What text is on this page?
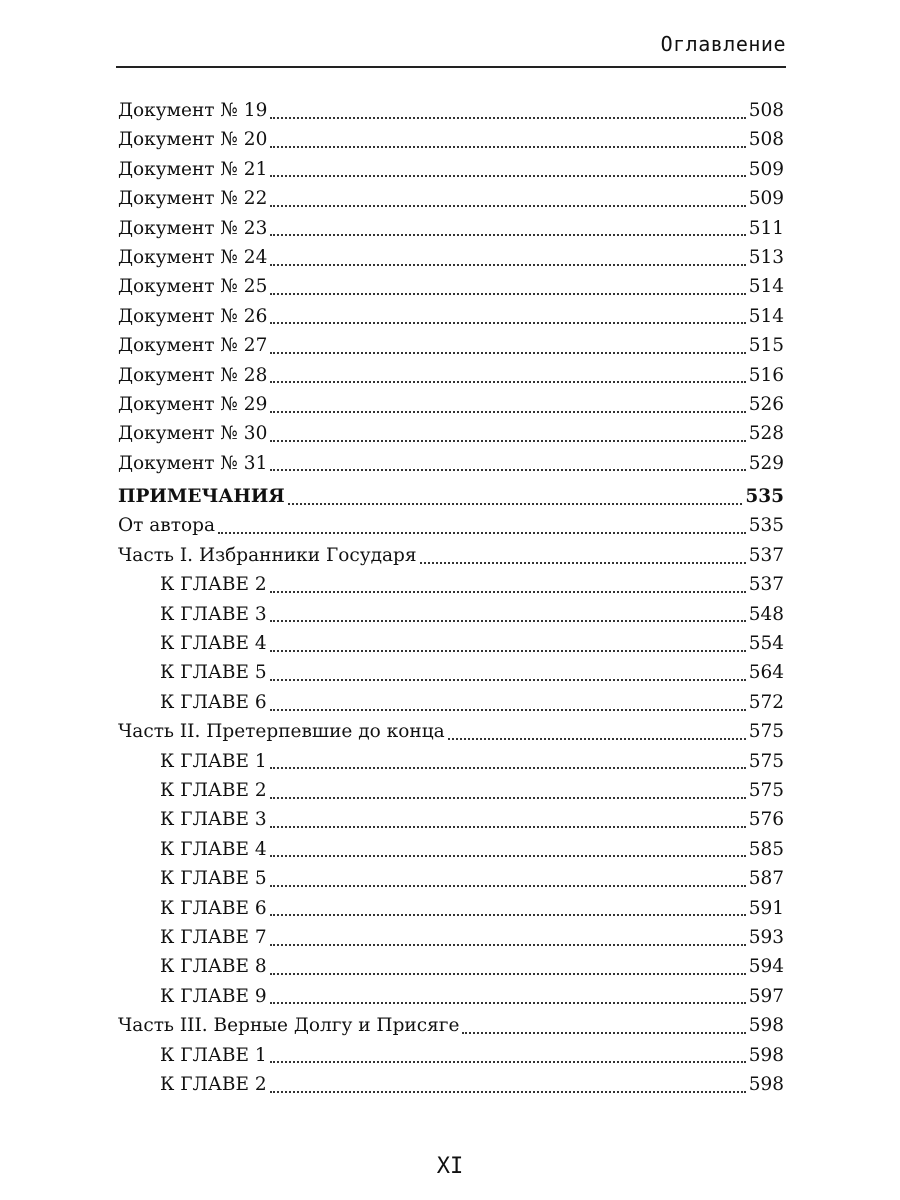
Оглавление
Документ № 19	508
Документ № 20	508
Документ № 21	509
Документ № 22	509
Документ № 23	511
Документ № 24	513
Документ № 25	514
Документ № 26	514
Документ № 27	515
Документ № 28	516
Документ № 29	526
Документ № 30	528
Документ № 31	529
ПРИМЕЧАНИЯ	535
От автора	535
Часть I. Избранники Государя	537
К ГЛАВЕ 2	537
К ГЛАВЕ 3	548
К ГЛАВЕ 4	554
К ГЛАВЕ 5	564
К ГЛАВЕ 6	572
Часть II. Претерпевшие до конца	575
К ГЛАВЕ 1	575
К ГЛАВЕ 2	575
К ГЛАВЕ 3	576
К ГЛАВЕ 4	585
К ГЛАВЕ 5	587
К ГЛАВЕ 6	591
К ГЛАВЕ 7	593
К ГЛАВЕ 8	594
К ГЛАВЕ 9	597
Часть III. Верные Долгу и Присяге	598
К ГЛАВЕ 1	598
К ГЛАВЕ 2	598
XI
